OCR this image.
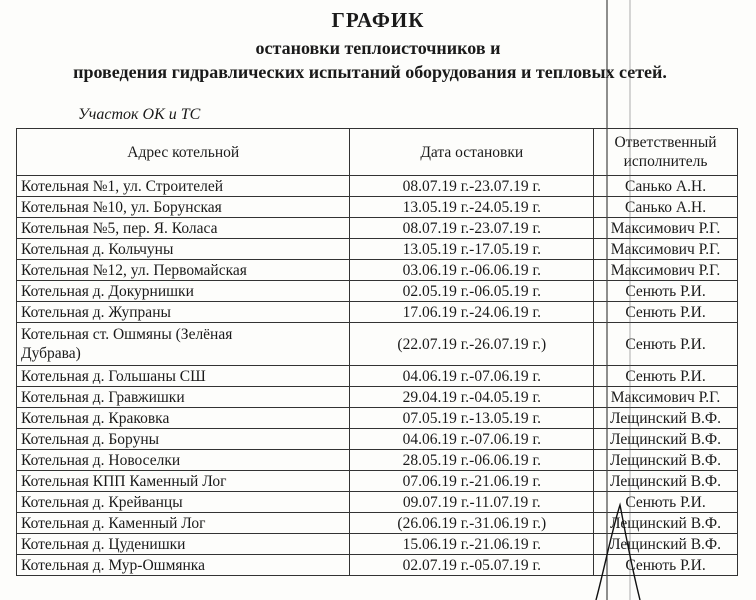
ГРАФИК
остановки теплоисточников и
проведения гидравлических испытаний оборудования и тепловых сетей.
Участок ОК и ТС
Адрес котельной	Дата остановки	Ответственный
исполнитель
Котельная №1, ул. Строителей	08.07.19 г.-23.07.19 г.	Санько А.Н.
Котельная №10, ул. Борунская	13.05.19 г.-24.05.19 г.	Санько А.Н.
Котельная №5, пер. Я. Коласа	08.07.19 г.-23.07.19 г.	Максимович Р.Г.
Котельная д. Кольчуны	13.05.19 г.-17.05.19 г.	Максимович Р.Г.
Котельная №12, ул. Первомайская	03.06.19 г.-06.06.19 г.	Максимович Р.Г.
Котельная д. Докурнишки	02.05.19 г.-06.05.19 г.	Сенють Р.И.
Котельная д. Жупраны	17.06.19 г.-24.06.19 г.	Сенють Р.И.
Котельная ст. Ошмяны (Зелёная
Дубрава)	(22.07.19 г.-26.07.19 г.)	Сенють Р.И.
Котельная д. Гольшаны СШ	04.06.19 г.-07.06.19 г.	Сенють Р.И.
Котельная д. Гравжишки	29.04.19 г.-04.05.19 г.	Максимович Р.Г.
Котельная д. Краковка	07.05.19 г.-13.05.19 г.	Лещинский В.Ф.
Котельная д. Боруны	04.06.19 г.-07.06.19 г.	Лещинский В.Ф.
Котельная д. Новоселки	28.05.19 г.-06.06.19 г.	Лещинский В.Ф.
Котельная КПП Каменный Лог	07.06.19 г.-21.06.19 г.	Лещинский В.Ф.
Котельная д. Крейванцы	09.07.19 г.-11.07.19 г.	Сенють Р.И.
Котельная д. Каменный Лог	(26.06.19 г.-31.06.19 г.)	Лещинский В.Ф.
Котельная д. Цуденишки	15.06.19 г.-21.06.19 г.	Лещинский В.Ф.
Котельная д. Мур-Ошмянка	02.07.19 г.-05.07.19 г.	Сенють Р.И.
